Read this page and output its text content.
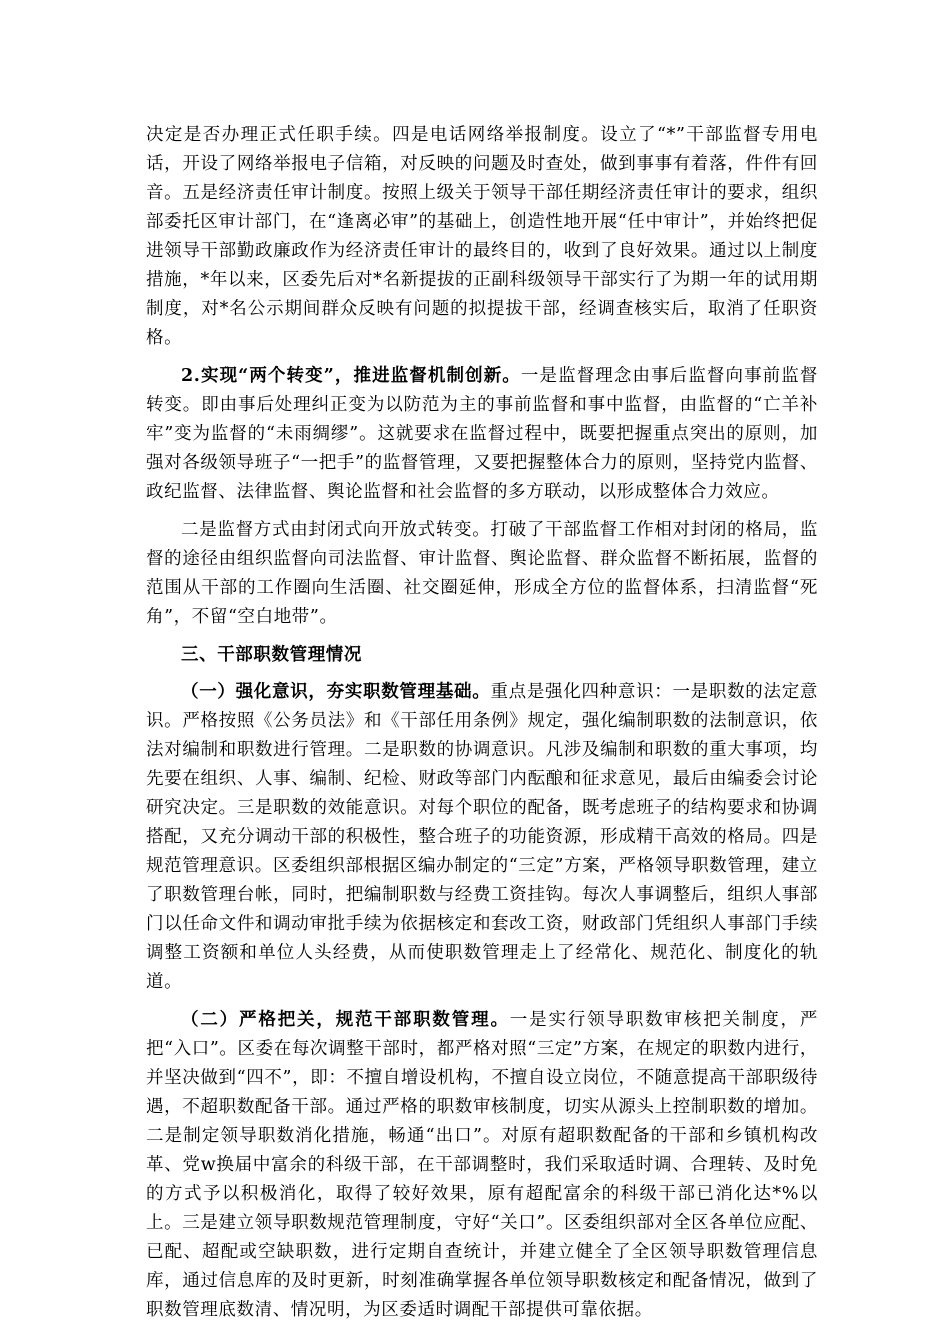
决定是否办理正式任职手续。四是电话网络举报制度。设立了“*”干部监督专用电话，开设了网络举报电子信箱，对反映的问题及时查处，做到事事有着落，件件有回音。五是经济责任审计制度。按照上级关于领导干部任期经济责任审计的要求，组织部委托区审计部门，在“逢离必审”的基础上，创造性地开展“任中审计”，并始终把促进领导干部勤政廉政作为经济责任审计的最终目的，收到了良好效果。通过以上制度措施，*年以来，区委先后对*名新提拔的正副科级领导干部实行了为期一年的试用期制度，对*名公示期间群众反映有问题的拟提拔干部，经调查核实后，取消了任职资格。

2.实现“两个转变”，推进监督机制创新。一是监督理念由事后监督向事前监督转变。即由事后处理纠正变为以防范为主的事前监督和事中监督，由监督的“亡羊补牢”变为监督的“未雨绸缪”。这就要求在监督过程中，既要把握重点突出的原则，加强对各级领导班子“一把手”的监督管理，又要把握整体合力的原则，坚持党内监督、政纪监督、法律监督、舆论监督和社会监督的多方联动，以形成整体合力效应。

二是监督方式由封闭式向开放式转变。打破了干部监督工作相对封闭的格局，监督的途径由组织监督向司法监督、审计监督、舆论监督、群众监督不断拓展，监督的范围从干部的工作圈向生活圈、社交圈延伸，形成全方位的监督体系，扫清监督“死角”，不留“空白地带”。

三、干部职数管理情况

（一）强化意识，夯实职数管理基础。重点是强化四种意识：一是职数的法定意识。严格按照《公务员法》和《干部任用条例》规定，强化编制职数的法制意识，依法对编制和职数进行管理。二是职数的协调意识。凡涉及编制和职数的重大事项，均先要在组织、人事、编制、纪检、财政等部门内酝酿和征求意见，最后由编委会讨论研究决定。三是职数的效能意识。对每个职位的配备，既考虑班子的结构要求和协调搭配，又充分调动干部的积极性，整合班子的功能资源，形成精干高效的格局。四是规范管理意识。区委组织部根据区编办制定的“三定”方案，严格领导职数管理，建立了职数管理台帐，同时，把编制职数与经费工资挂钩。每次人事调整后，组织人事部门以任命文件和调动审批手续为依据核定和套改工资，财政部门凭组织人事部门手续调整工资额和单位人头经费，从而使职数管理走上了经常化、规范化、制度化的轨道。

（二）严格把关，规范干部职数管理。一是实行领导职数审核把关制度，严把“入口”。区委在每次调整干部时，都严格对照“三定”方案，在规定的职数内进行，并坚决做到“四不”，即：不擅自增设机构，不擅自设立岗位，不随意提高干部职级待遇，不超职数配备干部。通过严格的职数审核制度，切实从源头上控制职数的增加。二是制定领导职数消化措施，畅通“出口”。对原有超职数配备的干部和乡镇机构改革、党w换届中富余的科级干部，在干部调整时，我们采取适时调、合理转、及时免的方式予以积极消化，取得了较好效果，原有超配富余的科级干部已消化达*%以上。三是建立领导职数规范管理制度，守好“关口”。区委组织部对全区各单位应配、已配、超配或空缺职数，进行定期自查统计，并建立健全了全区领导职数管理信息库，通过信息库的及时更新，时刻准确掌握各单位领导职数核定和配备情况，做到了职数管理底数清、情况明，为区委适时调配干部提供可靠依据。
